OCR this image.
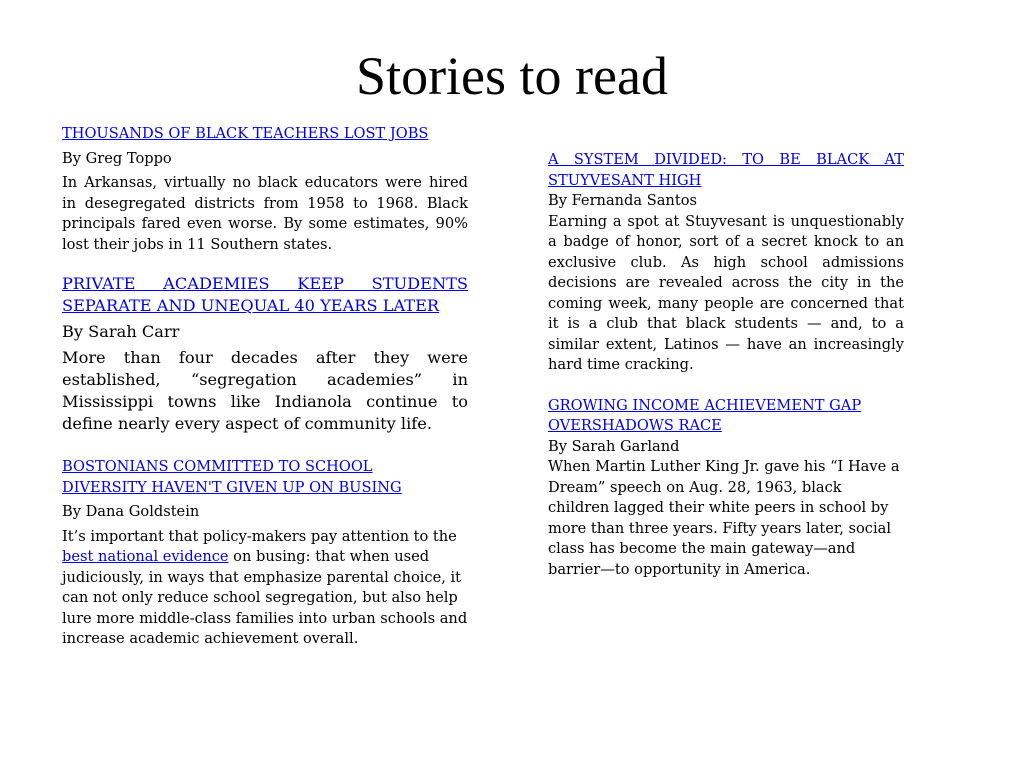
Stories to read

THOUSANDS OF BLACK TEACHERS LOST JOBS

By Greg Toppo

In Arkansas, virtually no black educators were hired in desegregated districts from 1958 to 1968. Black principals fared even worse. By some estimates, 90% lost their jobs in 11 Southern states.

PRIVATE ACADEMIES KEEP STUDENTS
SEPARATE AND UNEQUAL 40 YEARS LATER

By Sarah Carr

More than four decades after they were established, “segregation academies” in Mississippi towns like Indianola continue to define nearly every aspect of community life.

BOSTONIANS COMMITTED TO SCHOOL
DIVERSITY HAVEN'T GIVEN UP ON BUSING

By Dana Goldstein

It’s important that policy-makers pay attention to the best national evidence on busing: that when used judiciously, in ways that emphasize parental choice, it can not only reduce school segregation, but also help lure more middle-class families into urban schools and increase academic achievement overall.

A SYSTEM DIVIDED: TO BE BLACK AT
STUYVESANT HIGH

By Fernanda Santos

Earning a spot at Stuyvesant is unquestionably a badge of honor, sort of a secret knock to an exclusive club. As high school admissions decisions are revealed across the city in the coming week, many people are concerned that it is a club that black students — and, to a similar extent, Latinos — have an increasingly hard time cracking.

GROWING INCOME ACHIEVEMENT GAP
OVERSHADOWS RACE

By Sarah Garland

When Martin Luther King Jr. gave his “I Have a Dream” speech on Aug. 28, 1963, black children lagged their white peers in school by more than three years. Fifty years later, social class has become the main gateway—and barrier—to opportunity in America.
